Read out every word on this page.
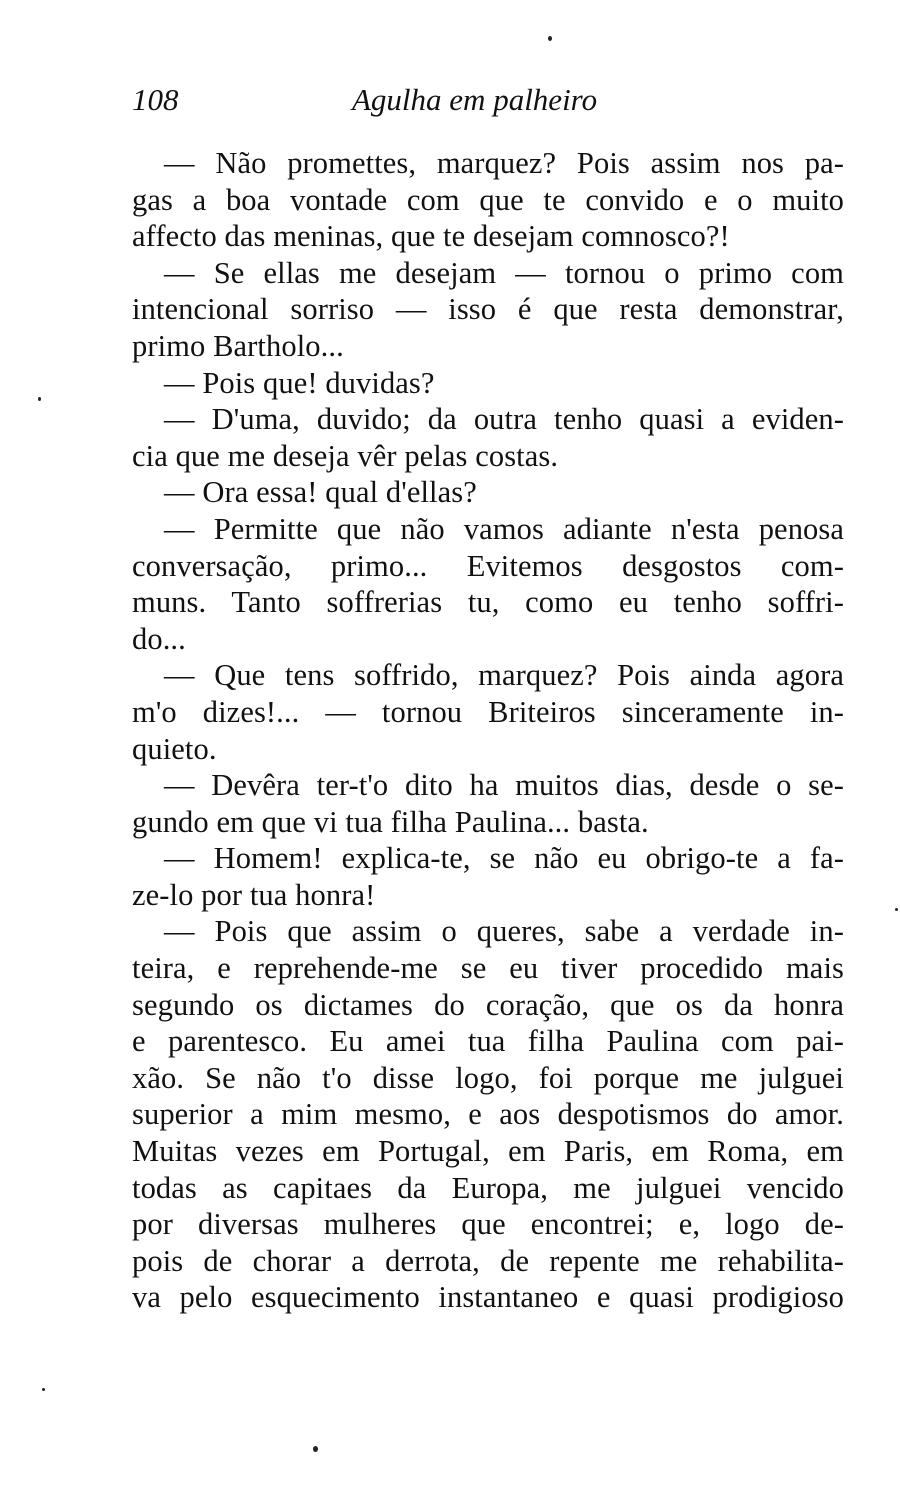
108	Agulha em palheiro
— Não promettes, marquez? Pois assim nos pa-
gas a boa vontade com que te convido e o muito
affecto das meninas, que te desejam comnosco?!
— Se ellas me desejam — tornou o primo com
intencional sorriso — isso é que resta demonstrar,
primo Bartholo...
— Pois que! duvidas?
— D'uma, duvido; da outra tenho quasi a eviden-
cia que me deseja vêr pelas costas.
— Ora essa! qual d'ellas?
— Permitte que não vamos adiante n'esta penosa
conversação, primo... Evitemos desgostos com-
muns. Tanto soffrerias tu, como eu tenho soffri-
do...
— Que tens soffrido, marquez? Pois ainda agora
m'o dizes!... — tornou Briteiros sinceramente in-
quieto.
— Devêra ter-t'o dito ha muitos dias, desde o se-
gundo em que vi tua filha Paulina... basta.
— Homem! explica-te, se não eu obrigo-te a fa-
ze-lo por tua honra!
— Pois que assim o queres, sabe a verdade in-
teira, e reprehende-me se eu tiver procedido mais
segundo os dictames do coração, que os da honra
e parentesco. Eu amei tua filha Paulina com pai-
xão. Se não t'o disse logo, foi porque me julguei
superior a mim mesmo, e aos despotismos do amor.
Muitas vezes em Portugal, em Paris, em Roma, em
todas as capitaes da Europa, me julguei vencido
por diversas mulheres que encontrei; e, logo de-
pois de chorar a derrota, de repente me rehabilita-
va pelo esquecimento instantaneo e quasi prodigioso
